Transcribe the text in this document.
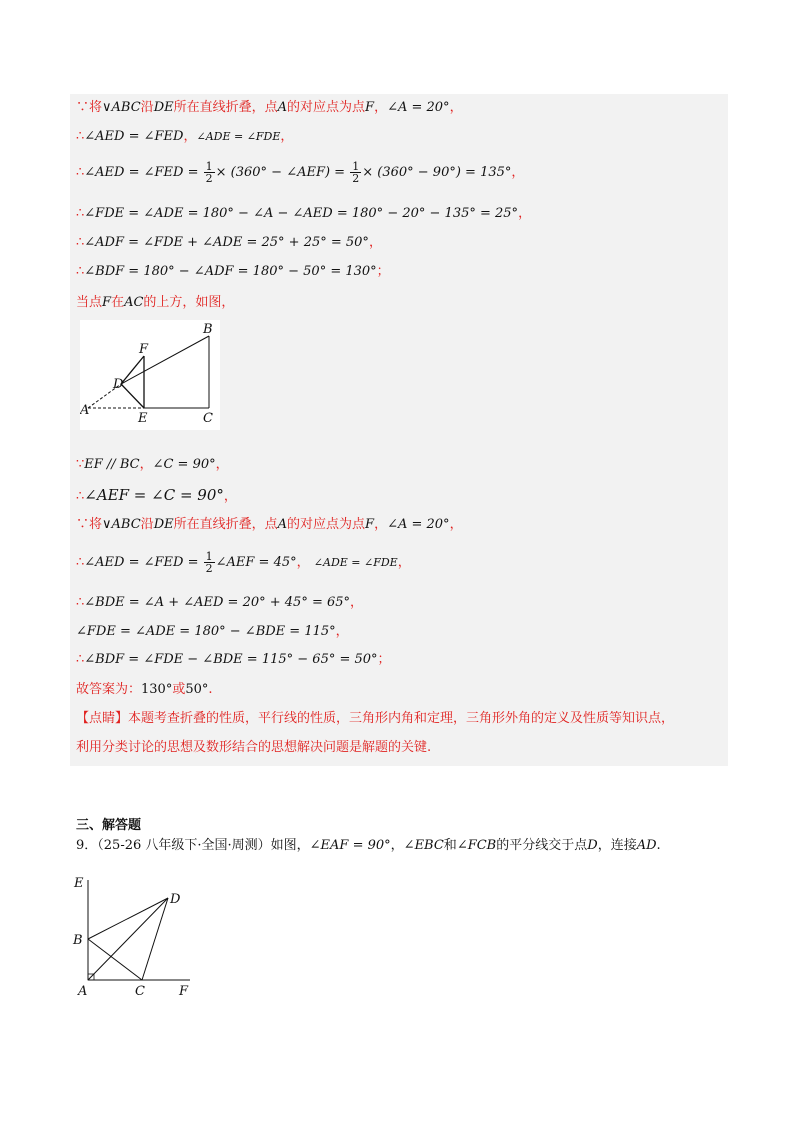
∵将∨ABC沿DE所在直线折叠，点A的对应点为点F，∠A = 20°，
∴∠AED = ∠FED，∠ADE = ∠FDE，
∴∠AED = ∠FED = $\frac{1}{2} \times (360^\circ$ − ∠AEF) = $\frac{1}{2} \times (360^\circ - 90^\circ) = 135^\circ$，
∴∠FDE = ∠ADE = 180° − ∠A − ∠AED = 180° − 20° − 135° = 25°，
∴∠ADF = ∠FDE + ∠ADE = 25° + 25° = 50°，
∴∠BDF = 180° − ∠ADF = 180° − 50° = 130°；
当点F在AC的上方，如图，
B
F
D
A
E	C
∵EF // BC，∠C = 90°，
∴∠AEF = ∠C = 90°，
∵将∨ABC沿DE所在直线折叠，点A的对应点为点F，∠A = 20°，
∴∠AED = ∠FED = $\frac{1}{2}$ ∠AEF = 45°， ∠ADE = ∠FDE，
∴∠BDE = ∠A + ∠AED = 20° + 45° = 65°，
∠FDE = ∠ADE = 180° − ∠BDE = 115°，
∴∠BDF = ∠FDE − ∠BDE = 115° − 65° = 50°；
故答案为：130°或50°.
【点睛】本题考查折叠的性质，平行线的性质，三角形内角和定理，三角形外角的定义及性质等知识点，
利用分类讨论的思想及数形结合的思想解决问题是解题的关键.
三、解答题
9．（25-26 八年级下·全国·周测）如图，∠EAF = 90°，∠EBC和∠FCB的平分线交于点D，连接AD.
E
D
B
A	C	F
